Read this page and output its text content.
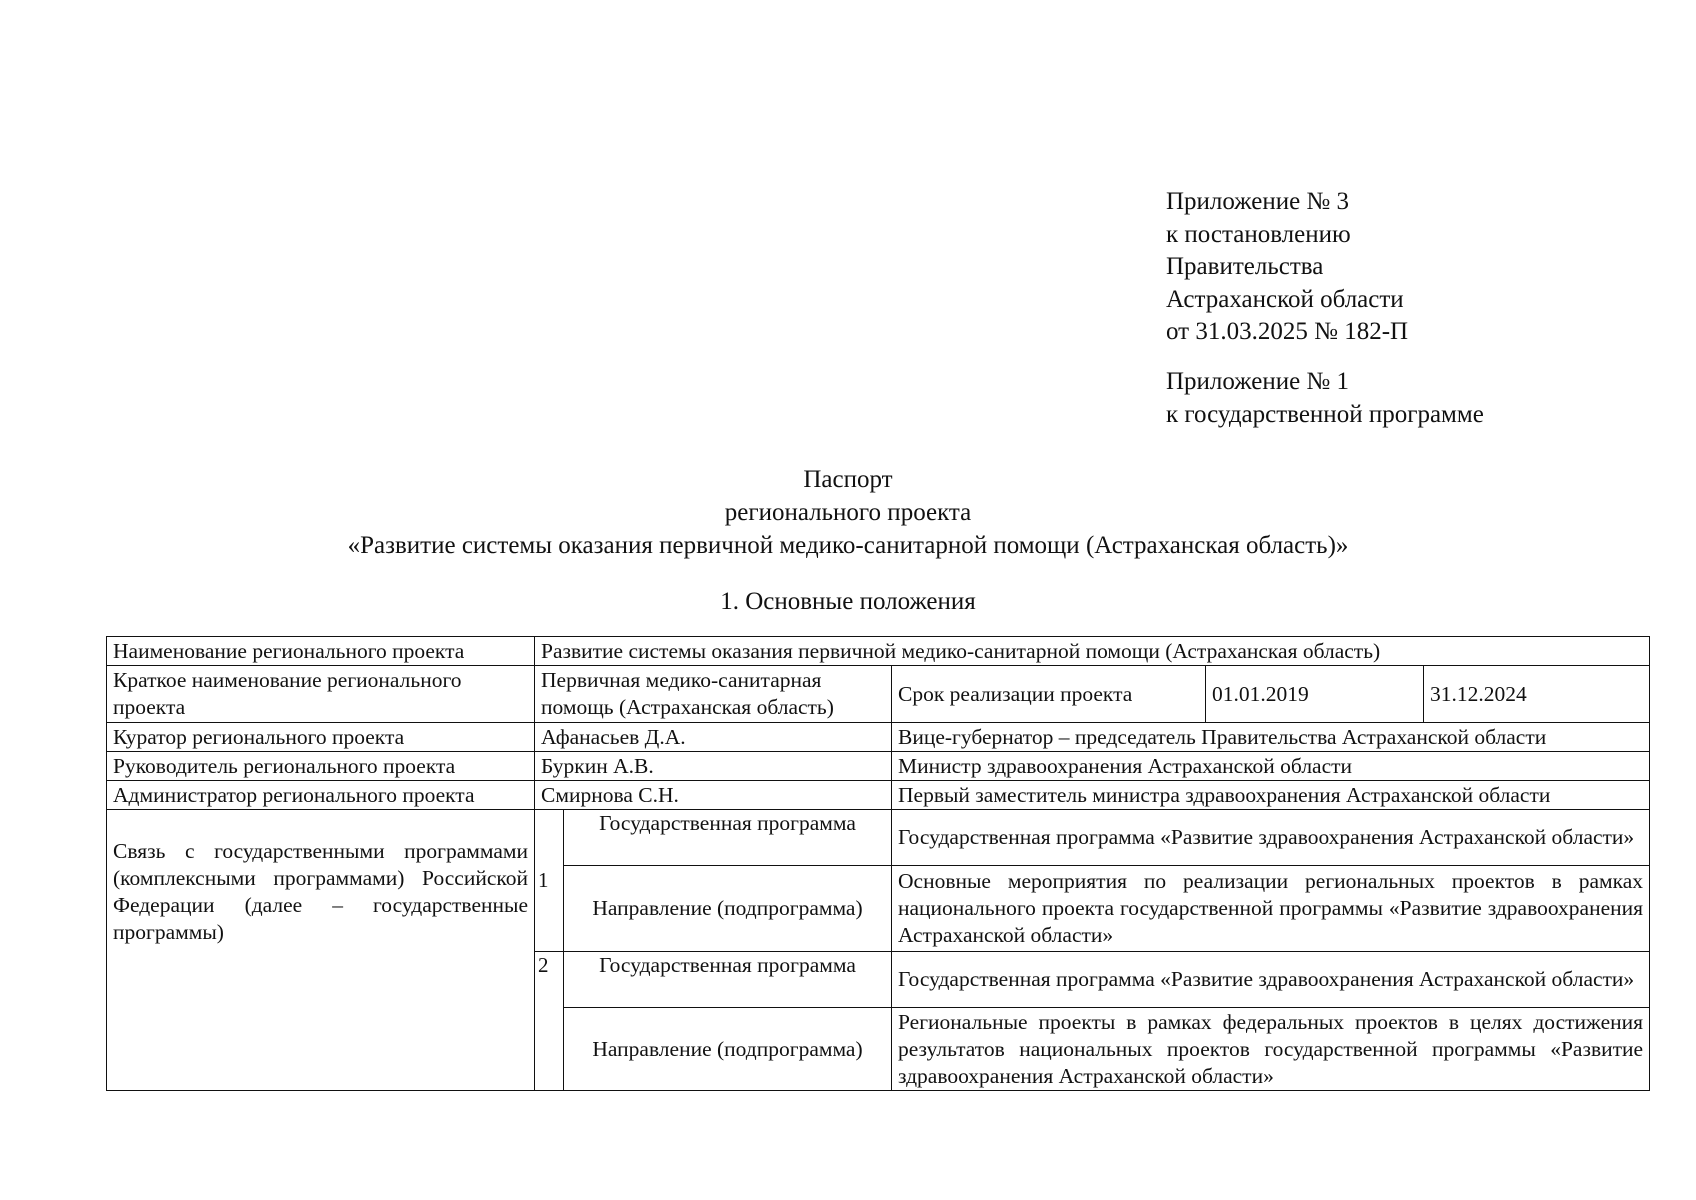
Приложение № 3
к постановлению
Правительства
Астраханской области
от 31.03.2025 № 182-П
Приложение № 1
к государственной программе
Паспорт
регионального проекта
«Развитие системы оказания первичной медико-санитарной помощи (Астраханская область)»
1. Основные положения
Наименование регионального проекта	Развитие системы оказания первичной медико-санитарной помощи (Астраханская область)				
Краткое наименование регионального проекта	Первичная медико-санитарная помощь (Астраханская область)		Срок реализации проекта	01.01.2019	31.12.2024
Куратор регионального проекта	Афанасьев Д.А.		Вице-губернатор – председатель Правительства Астраханской области		
Руководитель регионального проекта	Буркин А.В.		Министр здравоохранения Астраханской области		
Администратор регионального проекта	Смирнова С.Н.		Первый заместитель министра здравоохранения Астраханской области		
Связь с государственными программами (комплексными программами) Российской Федерации (далее – государственные программы)	1	Государственная программа	Государственная программа «Развитие здравоохранения Астраханской области»		
		Направление (подпрограмма)	Основные мероприятия по реализации региональных проектов в рамках национального проекта государственной программы «Развитие здравоохранения Астраханской области»		
	2	Государственная программа	Государственная программа «Развитие здравоохранения Астраханской области»		
		Направление (подпрограмма)	Региональные проекты в рамках федеральных проектов в целях достижения результатов национальных проектов государственной программы «Развитие здравоохранения Астраханской области»		
